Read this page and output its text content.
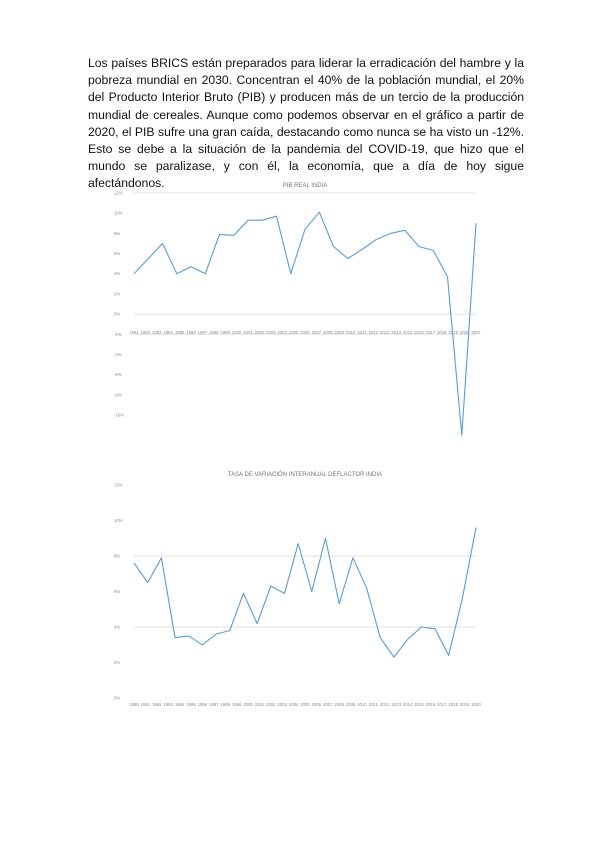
Los países BRICS están preparados para liderar la erradicación del hambre y la pobreza mundial en 2030. Concentran el 40% de la población mundial, el 20% del Producto Interior Bruto (PIB) y producen más de un tercio de la producción mundial de cereales. Aunque como podemos observar en el gráfico a partir de 2020, el PIB sufre una gran caída, destacando como nunca se ha visto un -12%. Esto se debe a la situación de la pandemia del COVID-19, que hizo que el mundo se paralizase, y con él, la economía, que a día de hoy sigue afectándonos.	PIB REAL INDIA
12%
10%
8%
6%
4%
2%
0%
-2%
-4%
-6%
-8%
-10%
1991 1992 1993 1994 1995 1996 1997 1998 1999 2000 2001 2002 2003 2004 2005 2006 2007 2008 2009 2010 2011 2012 2013 2014 2015 2016 2017 2018 2019 2020 2021
TASA DE VARIACIÓN INTERANUAL DEFLACTOR INDIA
12%
10%
8%
6%
4%
2%
0%
1990 1991 1992 1993 1994 1995 1996 1997 1998 1999 2000 2001 2002 2003 2004 2005 2006 2007 2008 2009 2010 2011 2012 2013 2014 2015 2016 2017 2018 2019 2020
